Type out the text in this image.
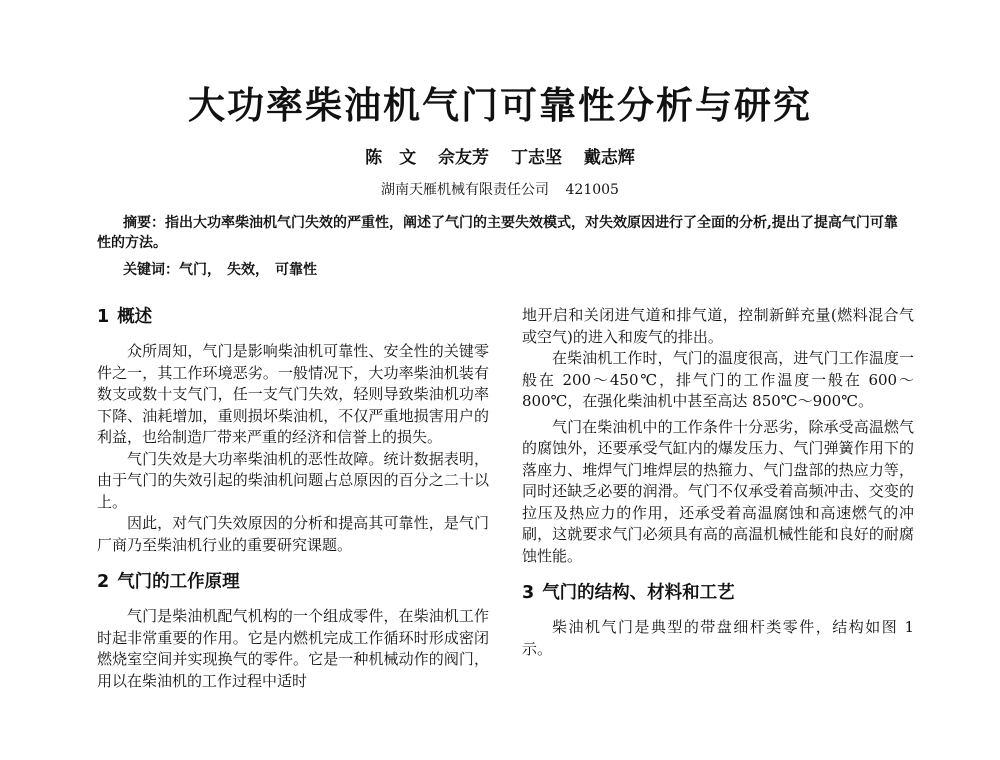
大功率柴油机气门可靠性分析与研究
陈　文 佘友芳 丁志坚 戴志辉
湖南天雁机械有限责任公司 421005
摘要：指出大功率柴油机气门失效的严重性，阐述了气门的主要失效模式，对失效原因进行了全面的分析,提出了提高气门可靠性的方法。
关键词：气门， 失效， 可靠性
1 概述

众所周知，气门是影响柴油机可靠性、安全性的关键零件之一，其工作环境恶劣。一般情况下，大功率柴油机装有数支或数十支气门，任一支气门失效，轻则导致柴油机功率下降、油耗增加，重则损坏柴油机，不仅严重地损害用户的利益，也给制造厂带来严重的经济和信誉上的损失。

气门失效是大功率柴油机的恶性故障。统计数据表明，由于气门的失效引起的柴油机问题占总原因的百分之二十以上。

因此，对气门失效原因的分析和提高其可靠性，是气门厂商乃至柴油机行业的重要研究课题。

2 气门的工作原理

气门是柴油机配气机构的一个组成零件，在柴油机工作时起非常重要的作用。它是内燃机完成工作循环时形成密闭燃烧室空间并实现换气的零件。它是一种机械动作的阀门，用以在柴油机的工作过程中适时

地开启和关闭进气道和排气道，控制新鲜充量(燃料混合气或空气)的进入和废气的排出。

在柴油机工作时，气门的温度很高，进气门工作温度一般在 200～450℃，排气门的工作温度一般在 600～800℃，在强化柴油机中甚至高达 850℃～900℃。

气门在柴油机中的工作条件十分恶劣，除承受高温燃气的腐蚀外，还要承受气缸内的爆发压力、气门弹簧作用下的落座力、堆焊气门堆焊层的热箍力、气门盘部的热应力等，同时还缺乏必要的润滑。气门不仅承受着高频冲击、交变的拉压及热应力的作用，还承受着高温腐蚀和高速燃气的冲刷，这就要求气门必须具有高的高温机械性能和良好的耐腐蚀性能。

3 气门的结构、材料和工艺

柴油机气门是典型的带盘细杆类零件，结构如图 1 示。
